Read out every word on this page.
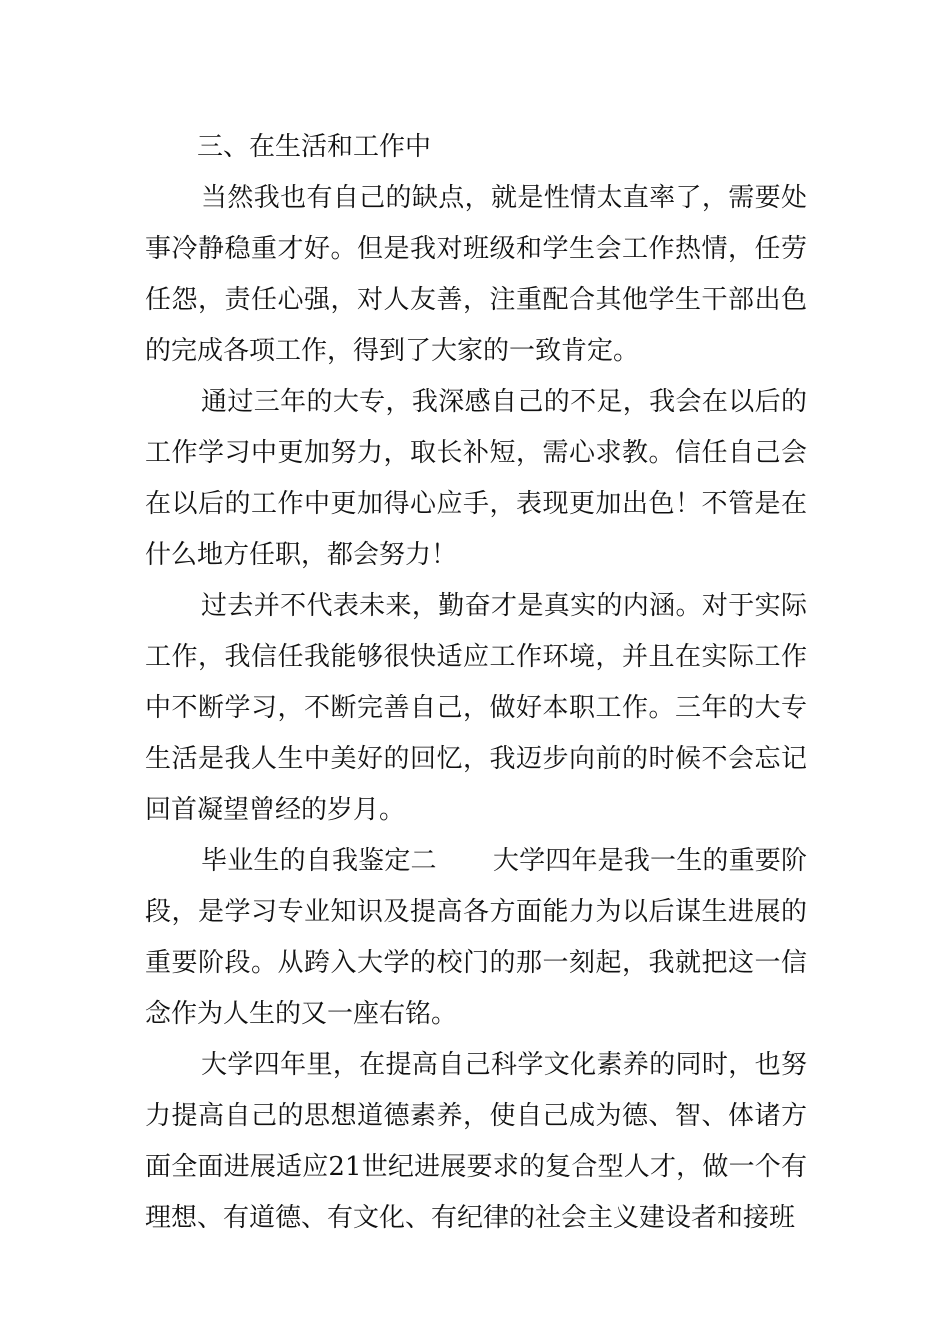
三、在生活和工作中

当然我也有自己的缺点，就是性情太直率了，需要处事冷静稳重才好。但是我对班级和学生会工作热情，任劳任怨，责任心强，对人友善，注重配合其他学生干部出色的完成各项工作，得到了大家的一致肯定。

通过三年的大专，我深感自己的不足，我会在以后的工作学习中更加努力，取长补短，需心求教。信任自己会在以后的工作中更加得心应手，表现更加出色！不管是在什么地方任职，都会努力！

过去并不代表未来，勤奋才是真实的内涵。对于实际工作，我信任我能够很快适应工作环境，并且在实际工作中不断学习，不断完善自己，做好本职工作。三年的大专生活是我人生中美好的回忆，我迈步向前的时候不会忘记回首凝望曾经的岁月。

毕业生的自我鉴定二 大学四年是我一生的重要阶段，是学习专业知识及提高各方面能力为以后谋生进展的重要阶段。从跨入大学的校门的那一刻起，我就把这一信念作为人生的又一座右铭。

大学四年里，在提高自己科学文化素养的同时，也努力提高自己的思想道德素养，使自己成为德、智、体诸方面全面进展适应21世纪进展要求的复合型人才，做一个有理想、有道德、有文化、有纪律的社会主义建设者和接班
